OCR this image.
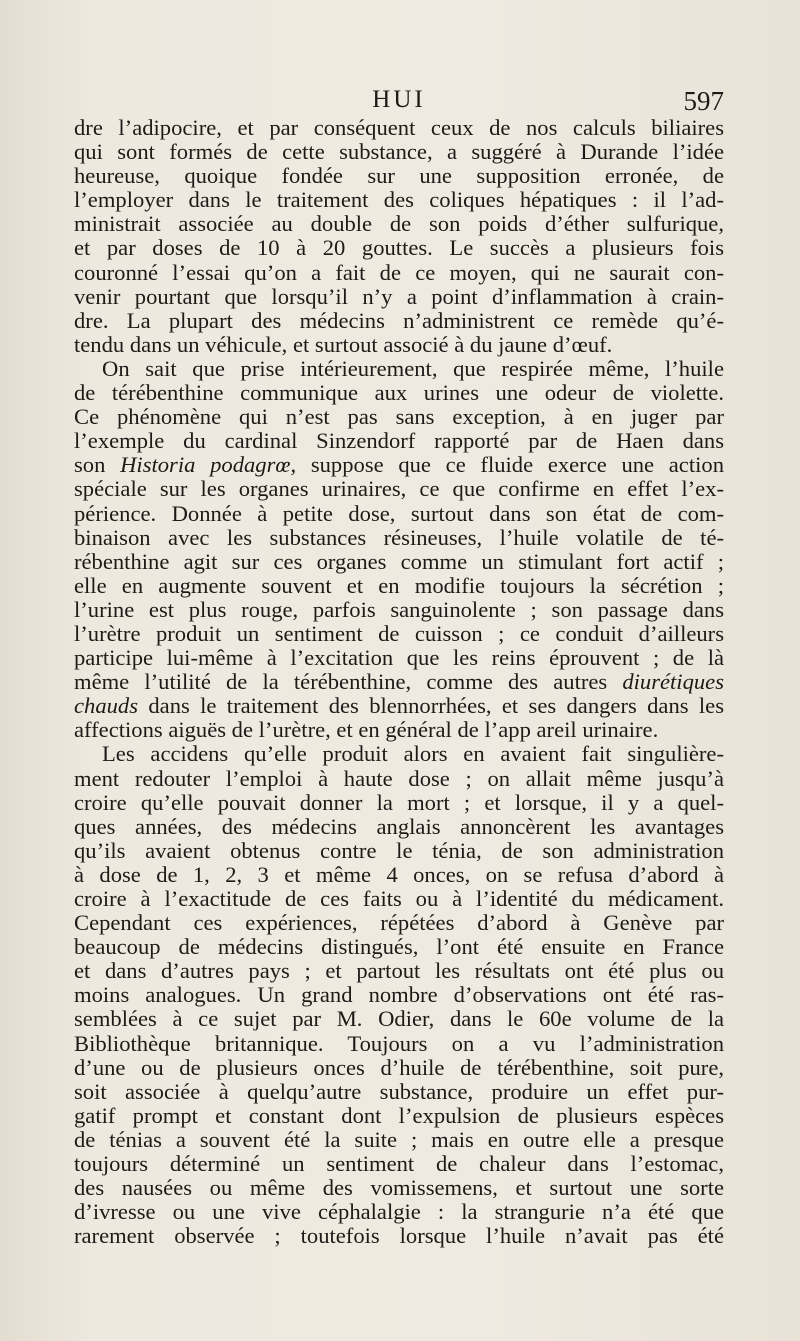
HUI	597
dre l’adipocire, et par conséquent ceux de nos calculs biliaires
qui sont formés de cette substance, a suggéré à Durande l’idée
heureuse, quoique fondée sur une supposition erronée, de
l’employer dans le traitement des coliques hépatiques : il l’ad-
ministrait associée au double de son poids d’éther sulfurique,
et par doses de 10 à 20 gouttes. Le succès a plusieurs fois
couronné l’essai qu’on a fait de ce moyen, qui ne saurait con-
venir pourtant que lorsqu’il n’y a point d’inflammation à crain-
dre. La plupart des médecins n’administrent ce remède qu’é-
tendu dans un véhicule, et surtout associé à du jaune d’œuf.
On sait que prise intérieurement, que respirée même, l’huile
de térébenthine communique aux urines une odeur de violette.
Ce phénomène qui n’est pas sans exception, à en juger par
l’exemple du cardinal Sinzendorf rapporté par de Haen dans
son Historia podagrœ, suppose que ce fluide exerce une action
spéciale sur les organes urinaires, ce que confirme en effet l’ex-
périence. Donnée à petite dose, surtout dans son état de com-
binaison avec les substances résineuses, l’huile volatile de té-
rébenthine agit sur ces organes comme un stimulant fort actif ;
elle en augmente souvent et en modifie toujours la sécrétion ;
l’urine est plus rouge, parfois sanguinolente ; son passage dans
l’urètre produit un sentiment de cuisson ; ce conduit d’ailleurs
participe lui-même à l’excitation que les reins éprouvent ; de là
même l’utilité de la térébenthine, comme des autres diurétiques
chauds dans le traitement des blennorrhées, et ses dangers dans les
affections aiguës de l’urètre, et en général de l’app areil urinaire.
Les accidens qu’elle produit alors en avaient fait singulière-
ment redouter l’emploi à haute dose ; on allait même jusqu’à
croire qu’elle pouvait donner la mort ; et lorsque, il y a quel-
ques années, des médecins anglais annoncèrent les avantages
qu’ils avaient obtenus contre le ténia, de son administration
à dose de 1, 2, 3 et même 4 onces, on se refusa d’abord à
croire à l’exactitude de ces faits ou à l’identité du médicament.
Cependant ces expériences, répétées d’abord à Genève par
beaucoup de médecins distingués, l’ont été ensuite en France
et dans d’autres pays ; et partout les résultats ont été plus ou
moins analogues. Un grand nombre d’observations ont été ras-
semblées à ce sujet par M. Odier, dans le 60e volume de la
Bibliothèque britannique. Toujours on a vu l’administration
d’une ou de plusieurs onces d’huile de térébenthine, soit pure,
soit associée à quelqu’autre substance, produire un effet pur-
gatif prompt et constant dont l’expulsion de plusieurs espèces
de ténias a souvent été la suite ; mais en outre elle a presque
toujours déterminé un sentiment de chaleur dans l’estomac,
des nausées ou même des vomissemens, et surtout une sorte
d’ivresse ou une vive céphalalgie : la strangurie n’a été que
rarement observée ; toutefois lorsque l’huile n’avait pas été
